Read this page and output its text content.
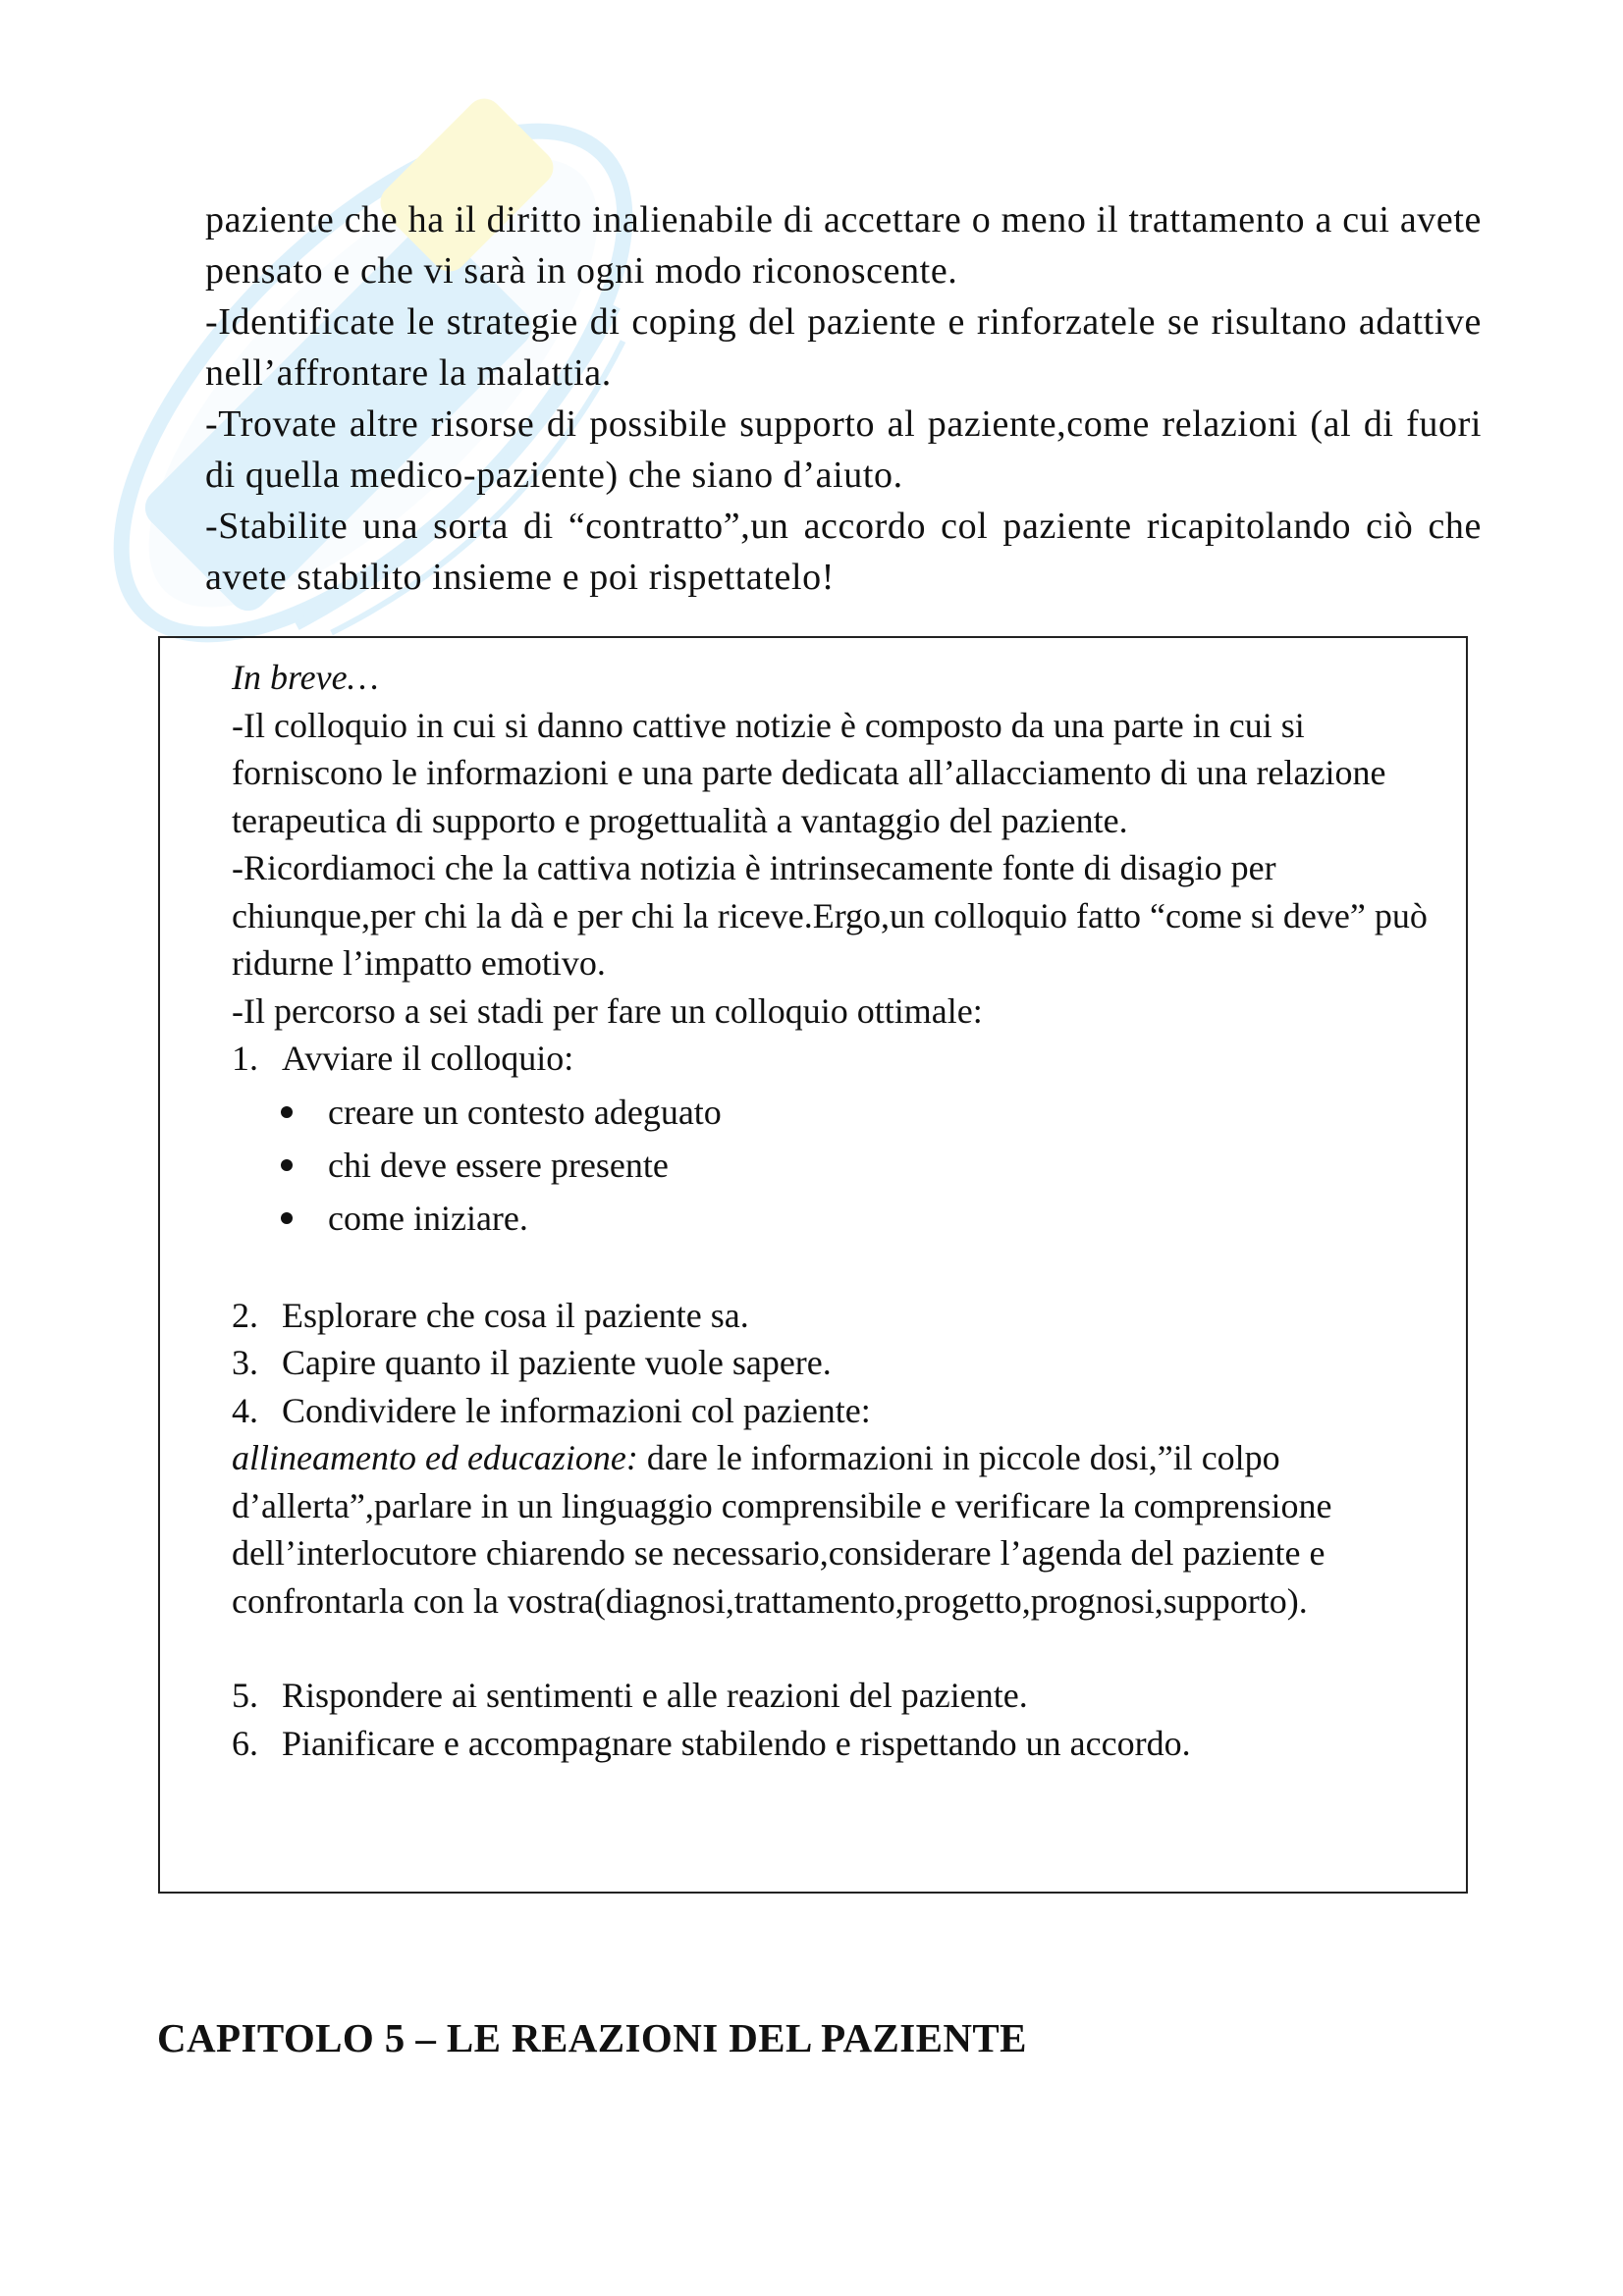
paziente che ha il diritto inalienabile di accettare o meno il trattamento a cui avete pensato e che vi sarà in ogni modo riconoscente.

-Identificate le strategie di coping del paziente e rinforzatele se risultano adattive nell’affrontare la malattia.

-Trovate altre risorse di possibile supporto al paziente,come relazioni (al di fuori di quella medico-paziente) che siano d’aiuto.

-Stabilite una sorta di “contratto”,un accordo col paziente ricapitolando ciò che avete stabilito insieme e poi rispettatelo!

In breve…

-Il colloquio in cui si danno cattive notizie è composto da una parte in cui si forniscono le informazioni e una parte dedicata all’allacciamento di una relazione terapeutica di supporto e progettualità a vantaggio del paziente.

-Ricordiamoci che la cattiva notizia è intrinsecamente fonte di disagio per chiunque,per chi la dà e per chi la riceve.Ergo,un colloquio fatto “come si deve” può ridurne l’impatto emotivo.

-Il percorso a sei stadi per fare un colloquio ottimale:

1. Avviare il colloquio:
creare un contesto adeguato
chi deve essere presente
come iniziare.
2. Esplorare che cosa il paziente sa.
3. Capire quanto il paziente vuole sapere.
4. Condividere le informazioni col paziente:

allineamento ed educazione: dare le informazioni in piccole dosi,”il colpo d’allerta”,parlare in un linguaggio comprensibile e verificare la comprensione dell’interlocutore chiarendo se necessario,considerare l’agenda del paziente e confrontarla con la vostra(diagnosi,trattamento,progetto,prognosi,supporto).

5. Rispondere ai sentimenti e alle reazioni del paziente.
6. Pianificare e accompagnare stabilendo e rispettando un accordo.
CAPITOLO 5 – LE REAZIONI DEL PAZIENTE
